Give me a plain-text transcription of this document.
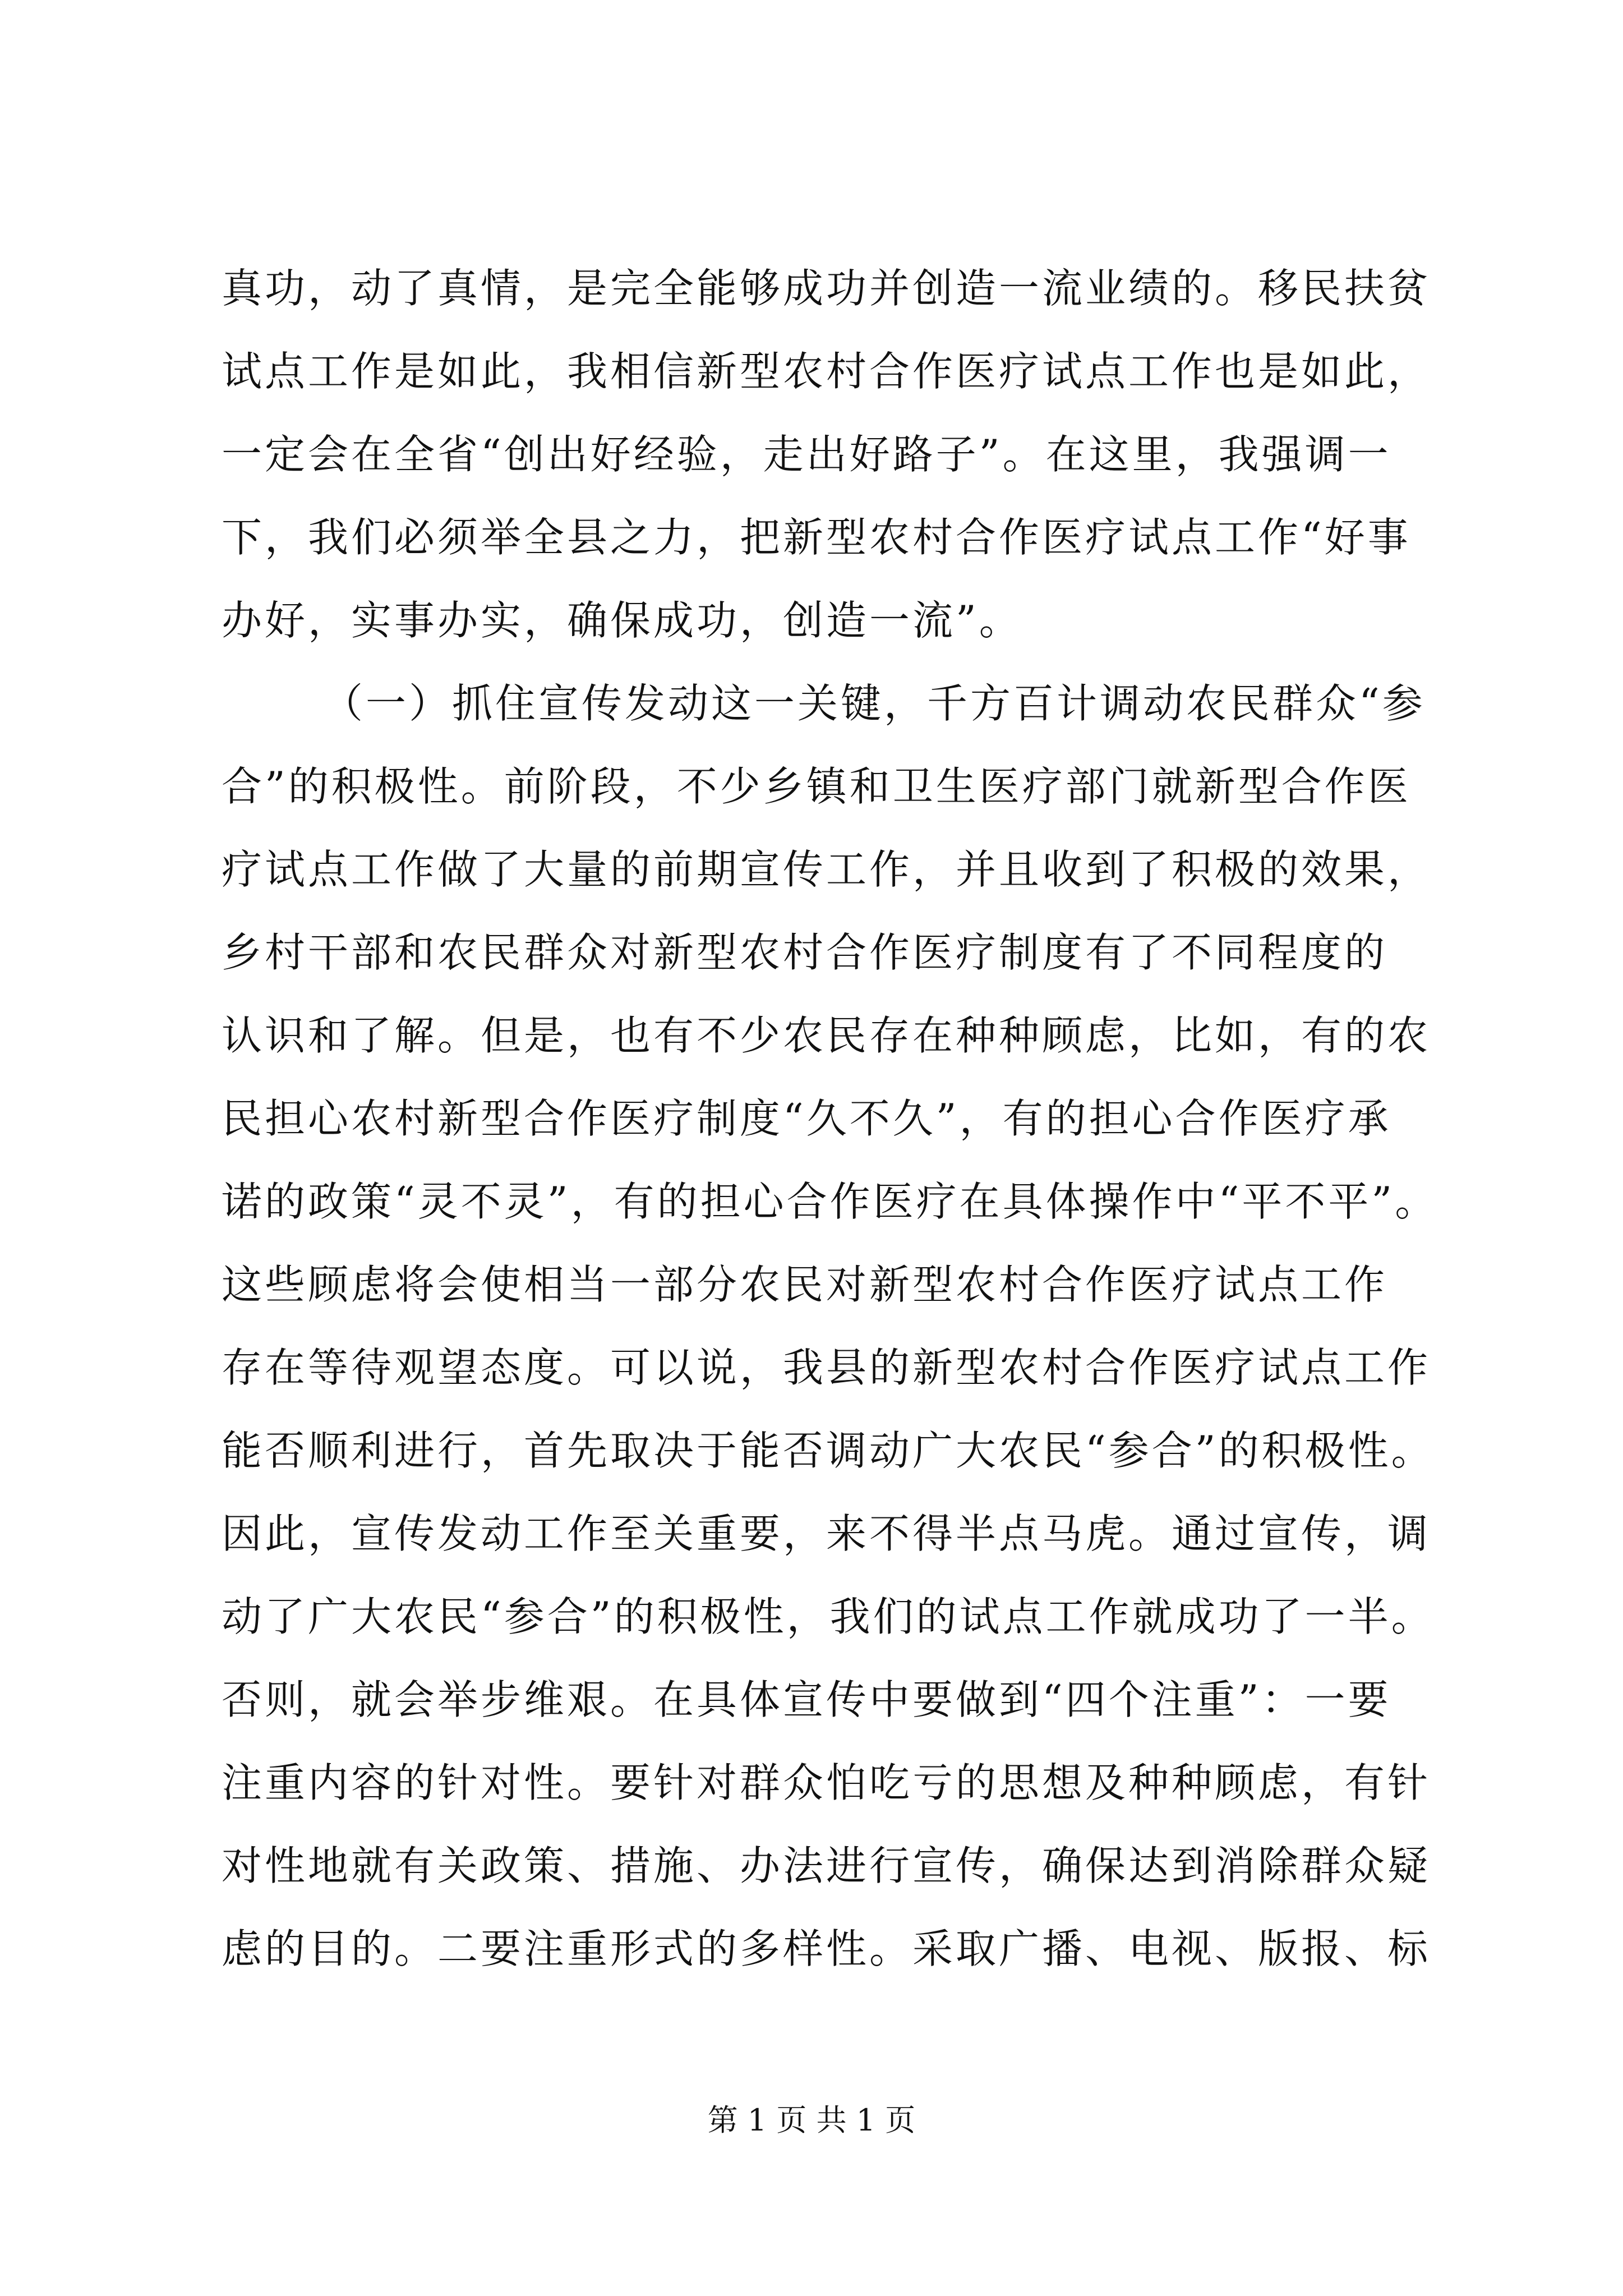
真功，动了真情，是完全能够成功并创造一流业绩的。移民扶贫
试点工作是如此，我相信新型农村合作医疗试点工作也是如此，
一定会在全省“创出好经验，走出好路子”。在这里，我强调一
下，我们必须举全县之力，把新型农村合作医疗试点工作“好事
办好，实事办实，确保成功，创造一流”。
（一）抓住宣传发动这一关键，千方百计调动农民群众“参
合”的积极性。前阶段，不少乡镇和卫生医疗部门就新型合作医
疗试点工作做了大量的前期宣传工作，并且收到了积极的效果，
乡村干部和农民群众对新型农村合作医疗制度有了不同程度的
认识和了解。但是，也有不少农民存在种种顾虑，比如，有的农
民担心农村新型合作医疗制度“久不久”，有的担心合作医疗承
诺的政策“灵不灵”，有的担心合作医疗在具体操作中“平不平”。
这些顾虑将会使相当一部分农民对新型农村合作医疗试点工作
存在等待观望态度。可以说，我县的新型农村合作医疗试点工作
能否顺利进行，首先取决于能否调动广大农民“参合”的积极性。
因此，宣传发动工作至关重要，来不得半点马虎。通过宣传，调
动了广大农民“参合”的积极性，我们的试点工作就成功了一半。
否则，就会举步维艰。在具体宣传中要做到“四个注重”：一要
注重内容的针对性。要针对群众怕吃亏的思想及种种顾虑，有针
对性地就有关政策、措施、办法进行宣传，确保达到消除群众疑
虑的目的。二要注重形式的多样性。采取广播、电视、版报、标
第 1 页 共 1 页
